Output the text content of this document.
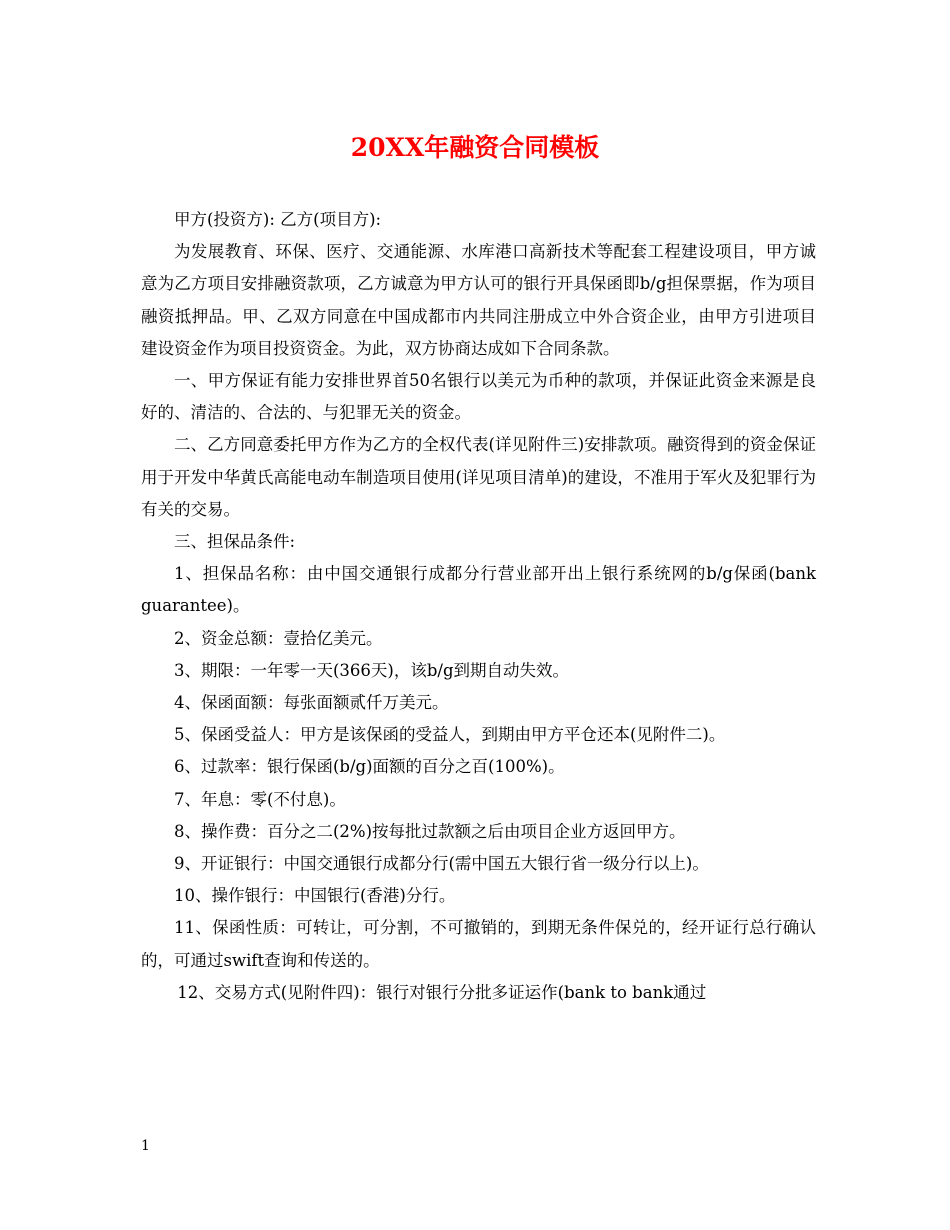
20XX年融资合同模板

甲方(投资方): 乙方(项目方):

为发展教育、环保、医疗、交通能源、水库港口高新技术等配套工程建设项目，甲方诚意为乙方项目安排融资款项，乙方诚意为甲方认可的银行开具保函即b/g担保票据，作为项目融资抵押品。甲、乙双方同意在中国成都市内共同注册成立中外合资企业，由甲方引进项目建设资金作为项目投资资金。为此，双方协商达成如下合同条款。

一、甲方保证有能力安排世界首50名银行以美元为币种的款项，并保证此资金来源是良好的、清洁的、合法的、与犯罪无关的资金。

二、乙方同意委托甲方作为乙方的全权代表(详见附件三)安排款项。融资得到的资金保证用于开发中华黄氏高能电动车制造项目使用(详见项目清单)的建设，不准用于军火及犯罪行为有关的交易。

三、担保品条件:

1、担保品名称：由中国交通银行成都分行营业部开出上银行系统网的b/g保函(bank guarantee)。

2、资金总额：壹拾亿美元。

3、期限：一年零一天(366天)，该b/g到期自动失效。

4、保函面额：每张面额贰仟万美元。

5、保函受益人：甲方是该保函的受益人，到期由甲方平仓还本(见附件二)。

6、过款率：银行保函(b/g)面额的百分之百(100%)。

7、年息：零(不付息)。

8、操作费：百分之二(2%)按每批过款额之后由项目企业方返回甲方。

9、开证银行：中国交通银行成都分行(需中国五大银行省一级分行以上)。

10、操作银行：中国银行(香港)分行。

11、保函性质：可转让，可分割，不可撤销的，到期无条件保兑的，经开证行总行确认的，可通过swift查询和传送的。

12、交易方式(见附件四)：银行对银行分批多证运作(bank to bank通过

1
